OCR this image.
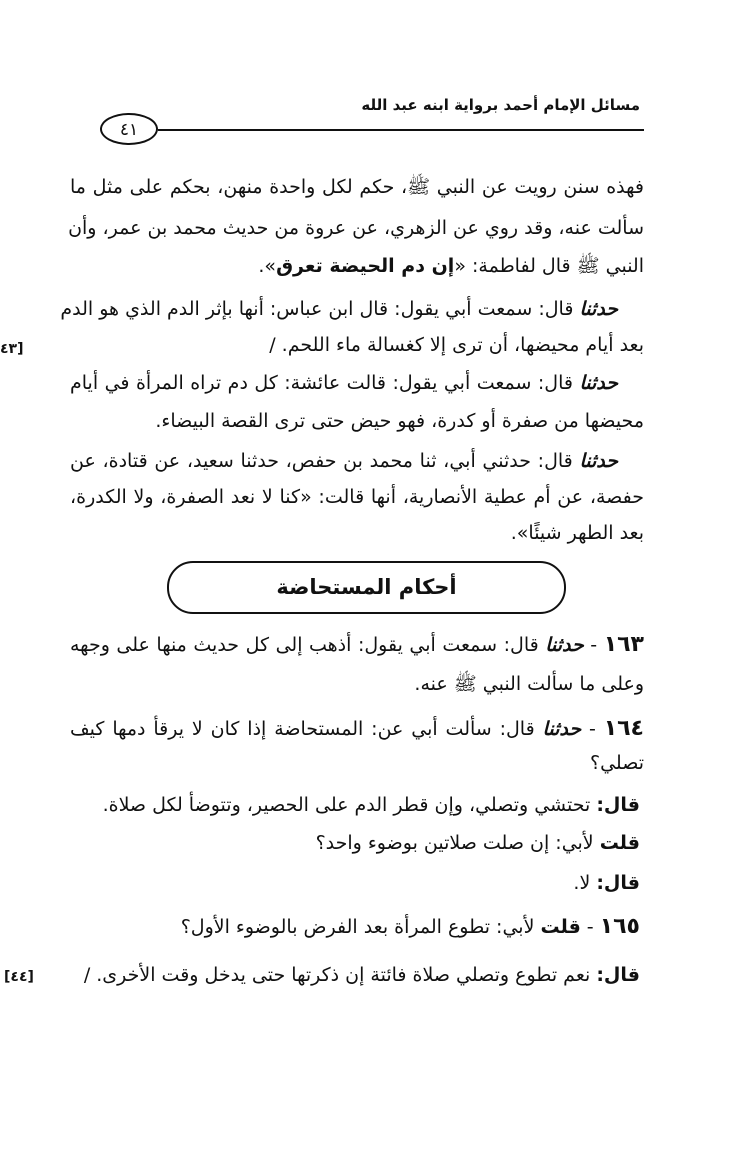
مسائل الإمام أحمد برواية ابنه عبد الله
٤١
٤٣]
[٤٤]
فهذه سنن رويت عن النبي ﷺ، حكم لكل واحدة منهن، بحكم على مثل ما
سألت عنه، وقد روي عن الزهري، عن عروة من حديث محمد بن عمر، وأن
النبي ﷺ قال لفاطمة: «إن دم الحيضة تعرق».
حدثنا قال: سمعت أبي يقول: قال ابن عباس: أنها بإثر الدم الذي هو الدم
بعد أيام محيضها، أن ترى إلا كغسالة ماء اللحم. /
حدثنا قال: سمعت أبي يقول: قالت عائشة: كل دم تراه المرأة في أيام
محيضها من صفرة أو كدرة، فهو حيض حتى ترى القصة البيضاء.
حدثنا قال: حدثني أبي، ثنا محمد بن حفص، حدثنا سعيد، عن قتادة، عن
حفصة، عن أم عطية الأنصارية، أنها قالت: «كنا لا نعد الصفرة، ولا الكدرة،
بعد الطهر شيئًا».
أحكام المستحاضة
١٦٣ - حدثنا قال: سمعت أبي يقول: أذهب إلى كل حديث منها على وجهه
وعلى ما سألت النبي ﷺ عنه.
١٦٤ - حدثنا قال: سألت أبي عن: المستحاضة إذا كان لا يرقأ دمها كيف
تصلي؟
قال: تحتشي وتصلي، وإن قطر الدم على الحصير، وتتوضأ لكل صلاة.
قلت لأبي: إن صلت صلاتين بوضوء واحد؟
قال: لا.
١٦٥ - قلت لأبي: تطوع المرأة بعد الفرض بالوضوء الأول؟
قال: نعم تطوع وتصلي صلاة فائتة إن ذكرتها حتى يدخل وقت الأخرى. /
